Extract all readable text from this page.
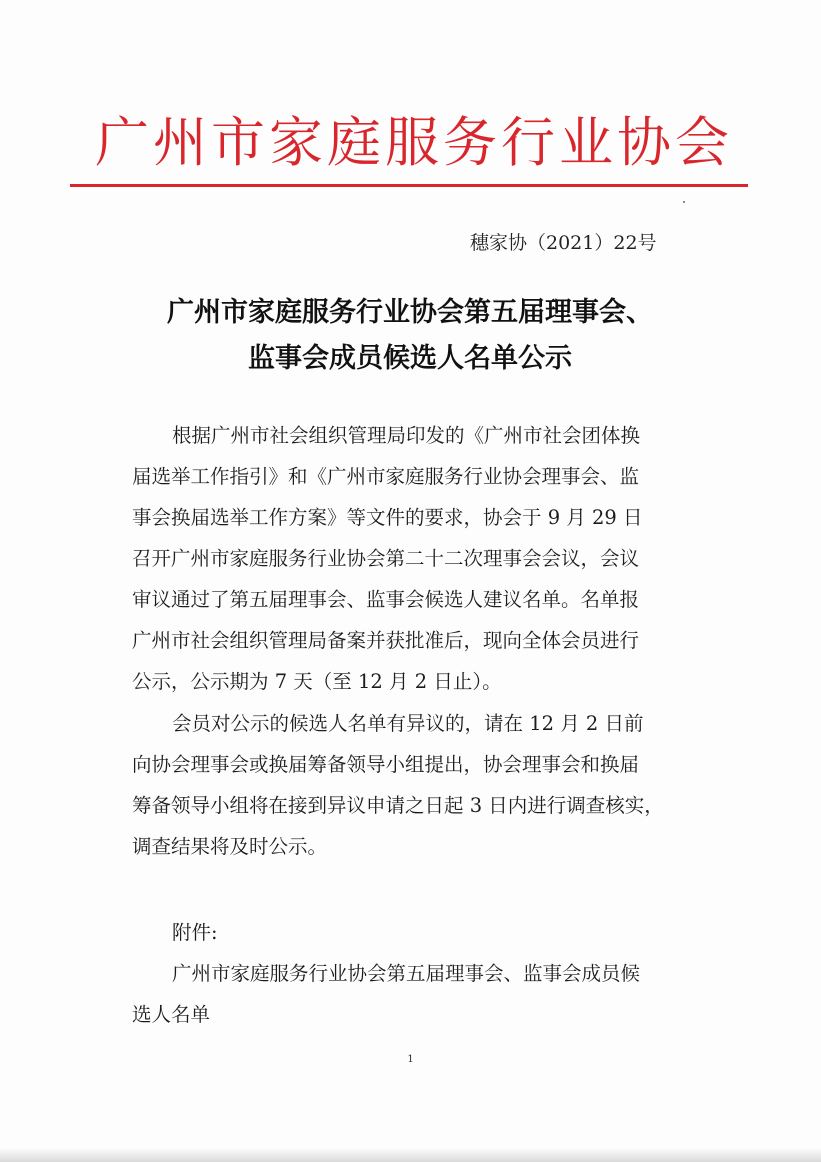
广州市家庭服务行业协会
穗家协（2021）22号
广州市家庭服务行业协会第五届理事会、
监事会成员候选人名单公示
根据广州市社会组织管理局印发的《广州市社会团体换
届选举工作指引》和《广州市家庭服务行业协会理事会、监
事会换届选举工作方案》等文件的要求，协会于 9 月 29 日
召开广州市家庭服务行业协会第二十二次理事会会议，会议
审议通过了第五届理事会、监事会候选人建议名单。名单报
广州市社会组织管理局备案并获批准后，现向全体会员进行
公示，公示期为 7 天（至 12 月 2 日止）。
会员对公示的候选人名单有异议的，请在 12 月 2 日前
向协会理事会或换届筹备领导小组提出，协会理事会和换届
筹备领导小组将在接到异议申请之日起 3 日内进行调查核实，
调查结果将及时公示。
附件:
广州市家庭服务行业协会第五届理事会、监事会成员候
选人名单
1
